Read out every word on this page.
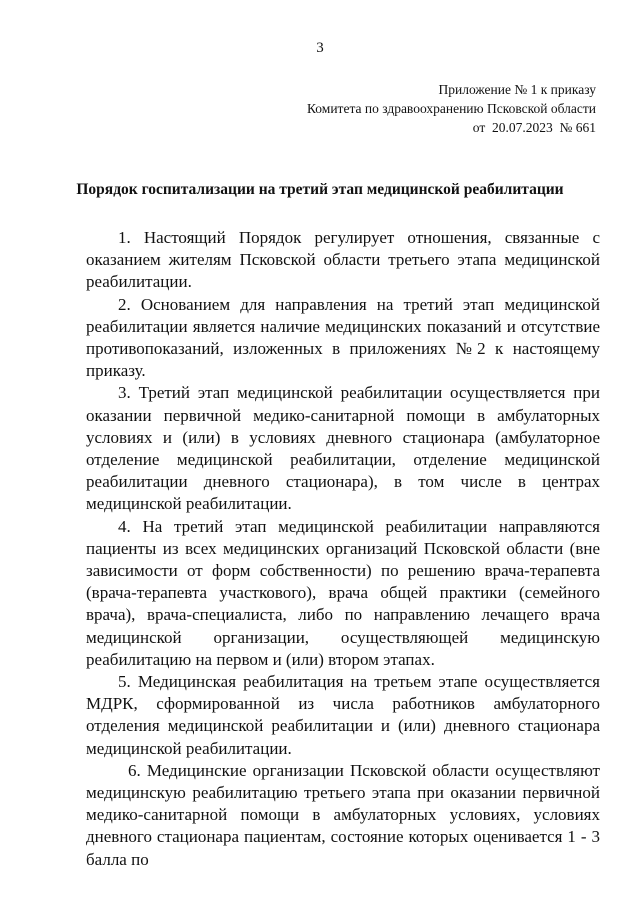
3
Приложение № 1 к приказу
Комитета по здравоохранению Псковской области
от  20.07.2023  № 661
Порядок госпитализации на третий этап медицинской реабилитации

1. Настоящий Порядок регулирует отношения, связанные с оказанием жителям Псковской области третьего этапа медицинской реабилитации.

2. Основанием для направления на третий этап медицинской реабилитации является наличие медицинских показаний и отсутствие противопоказаний, изложенных в приложениях №2 к настоящему приказу.

3. Третий этап медицинской реабилитации осуществляется при оказании первичной медико-санитарной помощи в амбулаторных условиях и (или) в условиях дневного стационара (амбулаторное отделение медицинской реабилитации, отделение медицинской реабилитации дневного стационара), в том числе в центрах медицинской реабилитации.

4. На третий этап медицинской реабилитации направляются пациенты из всех медицинских организаций Псковской области (вне зависимости от форм собственности) по решению врача-терапевта (врача-терапевта участкового), врача общей практики (семейного врача), врача-специалиста, либо по направлению лечащего врача медицинской организации, осуществляющей медицинскую реабилитацию на первом и (или) втором этапах.

5. Медицинская реабилитация на третьем этапе осуществляется МДРК, сформированной из числа работников амбулаторного отделения медицинской реабилитации и (или) дневного стационара медицинской реабилитации.

6. Медицинские организации Псковской области осуществляют медицинскую реабилитацию третьего этапа при оказании первичной медико-санитарной помощи в амбулаторных условиях, условиях дневного стационара пациентам, состояние которых оценивается 1 - 3 балла по
